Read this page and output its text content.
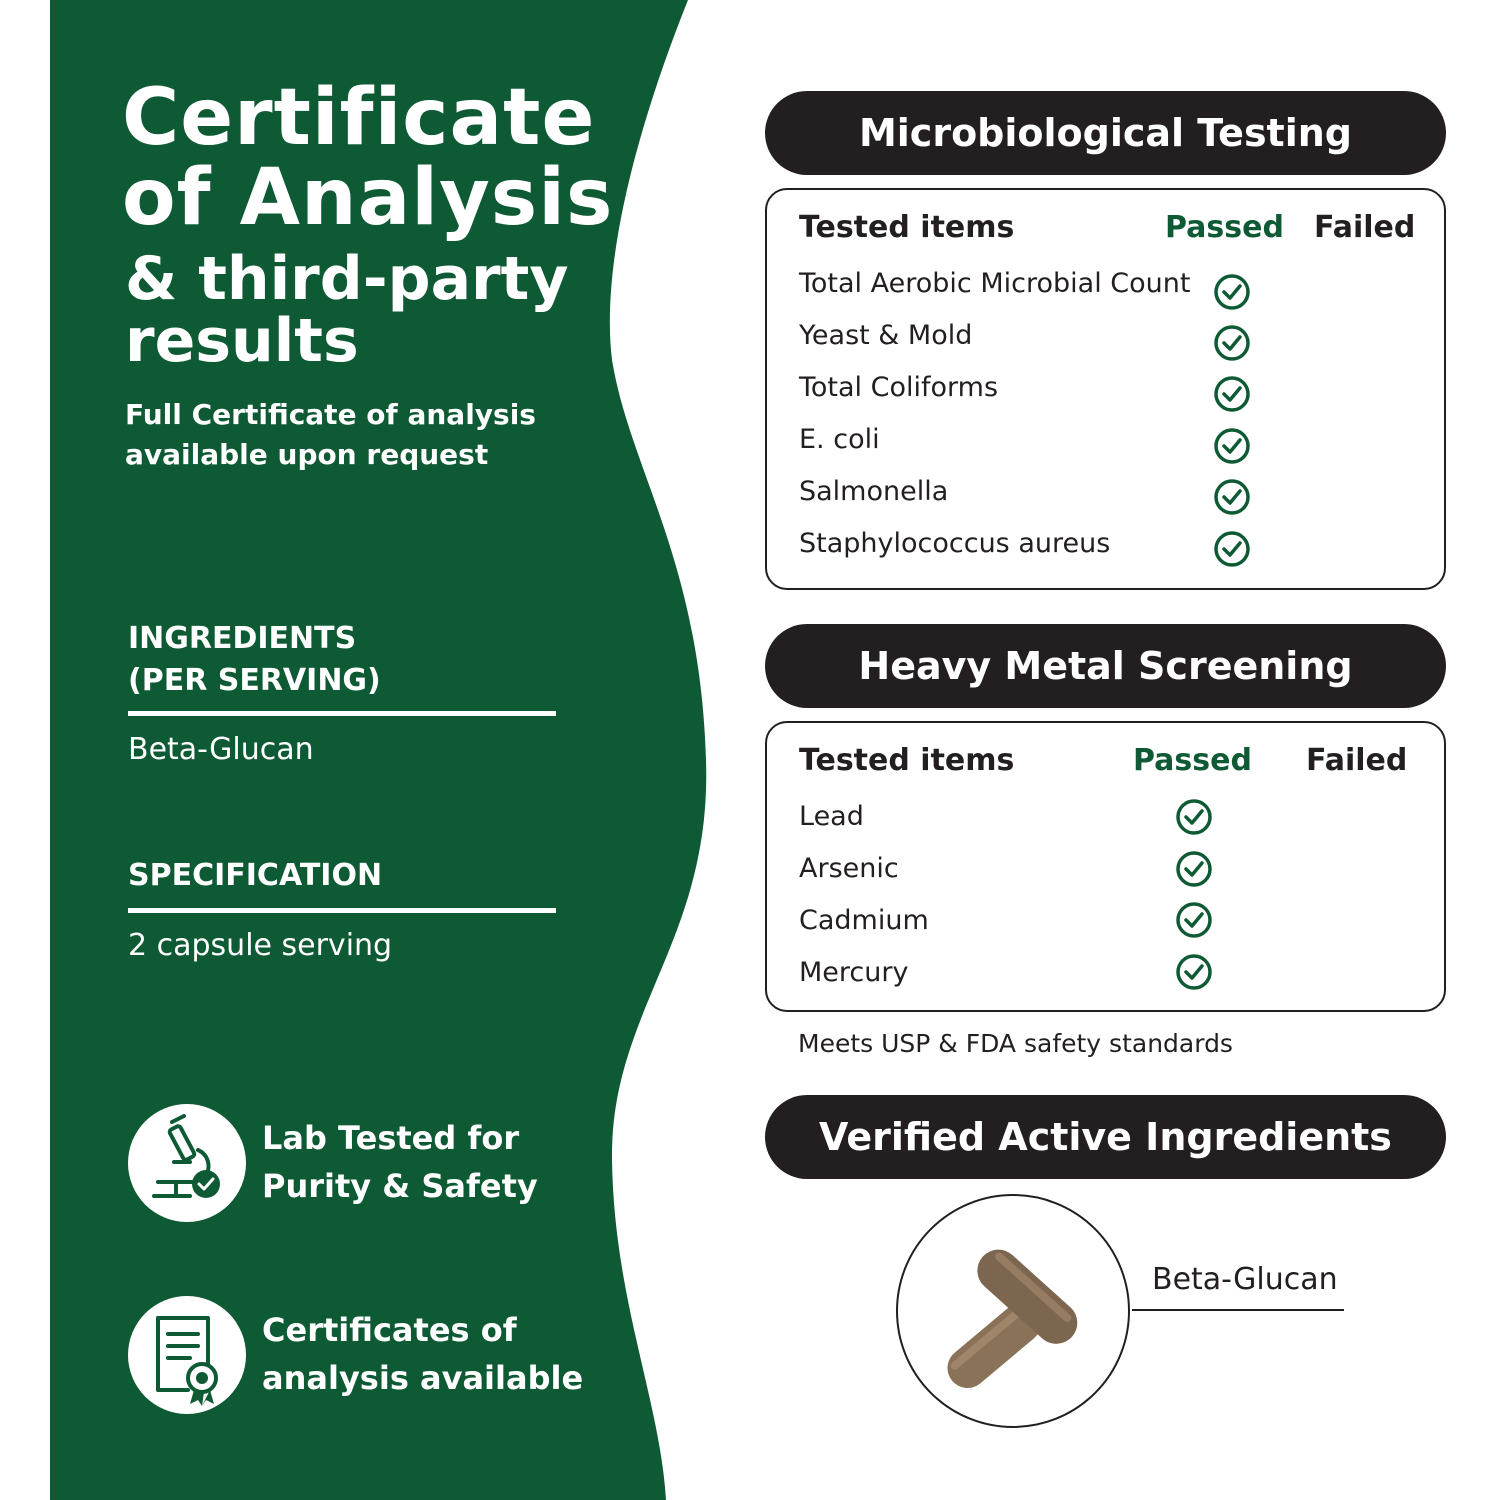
Certificate
of Analysis
& third-party
results
Full Certificate of analysis
available upon request
INGREDIENTS
(PER SERVING)
Beta-Glucan
SPECIFICATION
2 capsule serving
Lab Tested for
Purity & Safety
Certificates of
analysis available
Microbiological Testing
Tested items	Passed Failed
Total Aerobic Microbial Count
Yeast & Mold
Total Coliforms
E. coli
Salmonella
Staphylococcus aureus
Heavy Metal Screening
Tested items	Passed Failed
Lead
Arsenic
Cadmium
Mercury
Meets USP & FDA safety standards
Verified Active Ingredients
Beta-Glucan
